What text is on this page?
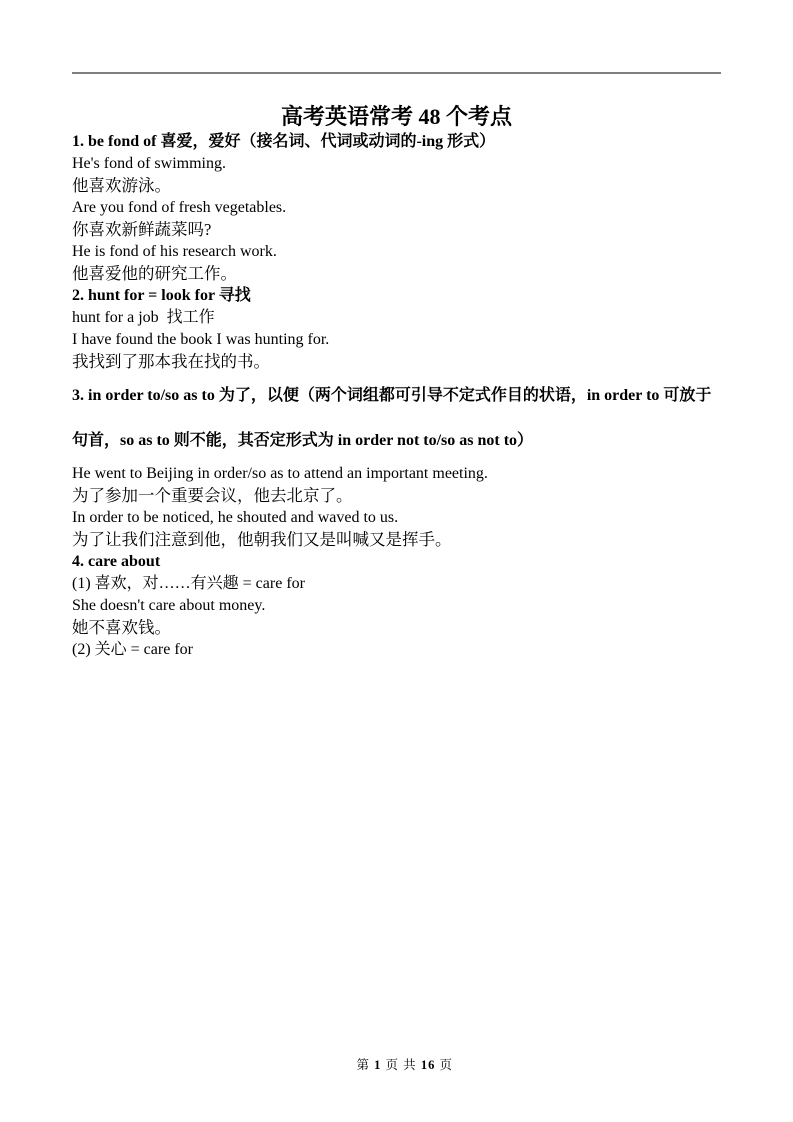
高考英语常考 48 个考点
1. be fond of 喜爱，爱好（接名词、代词或动词的-ing 形式）

He's fond of swimming.

他喜欢游泳。

Are you fond of fresh vegetables.

你喜欢新鲜蔬菜吗?

He is fond of his research work.

他喜爱他的研究工作。

2. hunt for = look for 寻找

hunt for a job  找工作

I have found the book I was hunting for.

我找到了那本我在找的书。

3. in order to/so as to 为了，以便（两个词组都可引导不定式作目的状语，in order to 可放于句首，so as to 则不能，其否定形式为 in order not to/so as not to）

He went to Beijing in order/so as to attend an important meeting.

为了参加一个重要会议，他去北京了。

In order to be noticed, he shouted and waved to us.

为了让我们注意到他，他朝我们又是叫喊又是挥手。

4. care about

(1) 喜欢，对……有兴趣 = care for

She doesn't care about money.

她不喜欢钱。

(2) 关心 = care for

第 1 页 共 16 页
